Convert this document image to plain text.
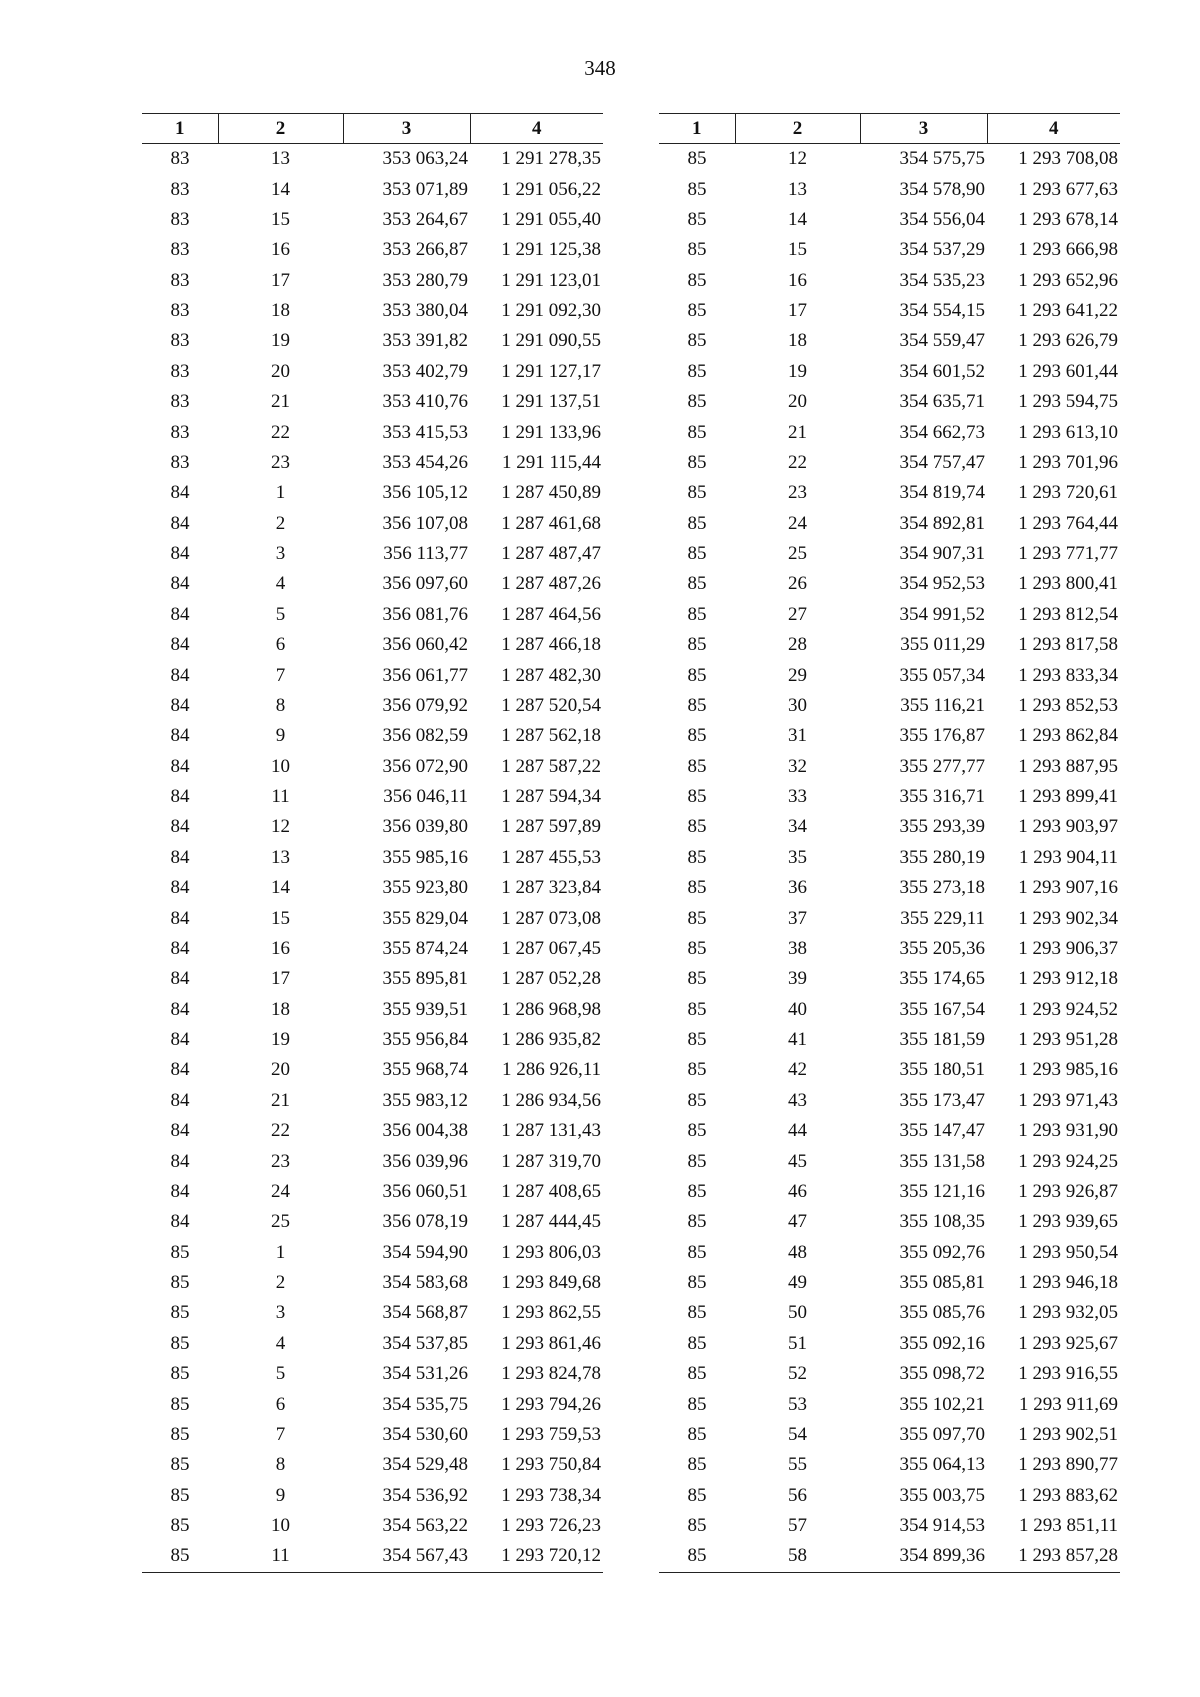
348
1	2	3	4
83	13	353 063,24	1 291 278,35
83	14	353 071,89	1 291 056,22
83	15	353 264,67	1 291 055,40
83	16	353 266,87	1 291 125,38
83	17	353 280,79	1 291 123,01
83	18	353 380,04	1 291 092,30
83	19	353 391,82	1 291 090,55
83	20	353 402,79	1 291 127,17
83	21	353 410,76	1 291 137,51
83	22	353 415,53	1 291 133,96
83	23	353 454,26	1 291 115,44
84	1	356 105,12	1 287 450,89
84	2	356 107,08	1 287 461,68
84	3	356 113,77	1 287 487,47
84	4	356 097,60	1 287 487,26
84	5	356 081,76	1 287 464,56
84	6	356 060,42	1 287 466,18
84	7	356 061,77	1 287 482,30
84	8	356 079,92	1 287 520,54
84	9	356 082,59	1 287 562,18
84	10	356 072,90	1 287 587,22
84	11	356 046,11	1 287 594,34
84	12	356 039,80	1 287 597,89
84	13	355 985,16	1 287 455,53
84	14	355 923,80	1 287 323,84
84	15	355 829,04	1 287 073,08
84	16	355 874,24	1 287 067,45
84	17	355 895,81	1 287 052,28
84	18	355 939,51	1 286 968,98
84	19	355 956,84	1 286 935,82
84	20	355 968,74	1 286 926,11
84	21	355 983,12	1 286 934,56
84	22	356 004,38	1 287 131,43
84	23	356 039,96	1 287 319,70
84	24	356 060,51	1 287 408,65
84	25	356 078,19	1 287 444,45
85	1	354 594,90	1 293 806,03
85	2	354 583,68	1 293 849,68
85	3	354 568,87	1 293 862,55
85	4	354 537,85	1 293 861,46
85	5	354 531,26	1 293 824,78
85	6	354 535,75	1 293 794,26
85	7	354 530,60	1 293 759,53
85	8	354 529,48	1 293 750,84
85	9	354 536,92	1 293 738,34
85	10	354 563,22	1 293 726,23
85	11	354 567,43	1 293 720,12
1	2	3	4
85	12	354 575,75	1 293 708,08
85	13	354 578,90	1 293 677,63
85	14	354 556,04	1 293 678,14
85	15	354 537,29	1 293 666,98
85	16	354 535,23	1 293 652,96
85	17	354 554,15	1 293 641,22
85	18	354 559,47	1 293 626,79
85	19	354 601,52	1 293 601,44
85	20	354 635,71	1 293 594,75
85	21	354 662,73	1 293 613,10
85	22	354 757,47	1 293 701,96
85	23	354 819,74	1 293 720,61
85	24	354 892,81	1 293 764,44
85	25	354 907,31	1 293 771,77
85	26	354 952,53	1 293 800,41
85	27	354 991,52	1 293 812,54
85	28	355 011,29	1 293 817,58
85	29	355 057,34	1 293 833,34
85	30	355 116,21	1 293 852,53
85	31	355 176,87	1 293 862,84
85	32	355 277,77	1 293 887,95
85	33	355 316,71	1 293 899,41
85	34	355 293,39	1 293 903,97
85	35	355 280,19	1 293 904,11
85	36	355 273,18	1 293 907,16
85	37	355 229,11	1 293 902,34
85	38	355 205,36	1 293 906,37
85	39	355 174,65	1 293 912,18
85	40	355 167,54	1 293 924,52
85	41	355 181,59	1 293 951,28
85	42	355 180,51	1 293 985,16
85	43	355 173,47	1 293 971,43
85	44	355 147,47	1 293 931,90
85	45	355 131,58	1 293 924,25
85	46	355 121,16	1 293 926,87
85	47	355 108,35	1 293 939,65
85	48	355 092,76	1 293 950,54
85	49	355 085,81	1 293 946,18
85	50	355 085,76	1 293 932,05
85	51	355 092,16	1 293 925,67
85	52	355 098,72	1 293 916,55
85	53	355 102,21	1 293 911,69
85	54	355 097,70	1 293 902,51
85	55	355 064,13	1 293 890,77
85	56	355 003,75	1 293 883,62
85	57	354 914,53	1 293 851,11
85	58	354 899,36	1 293 857,28
